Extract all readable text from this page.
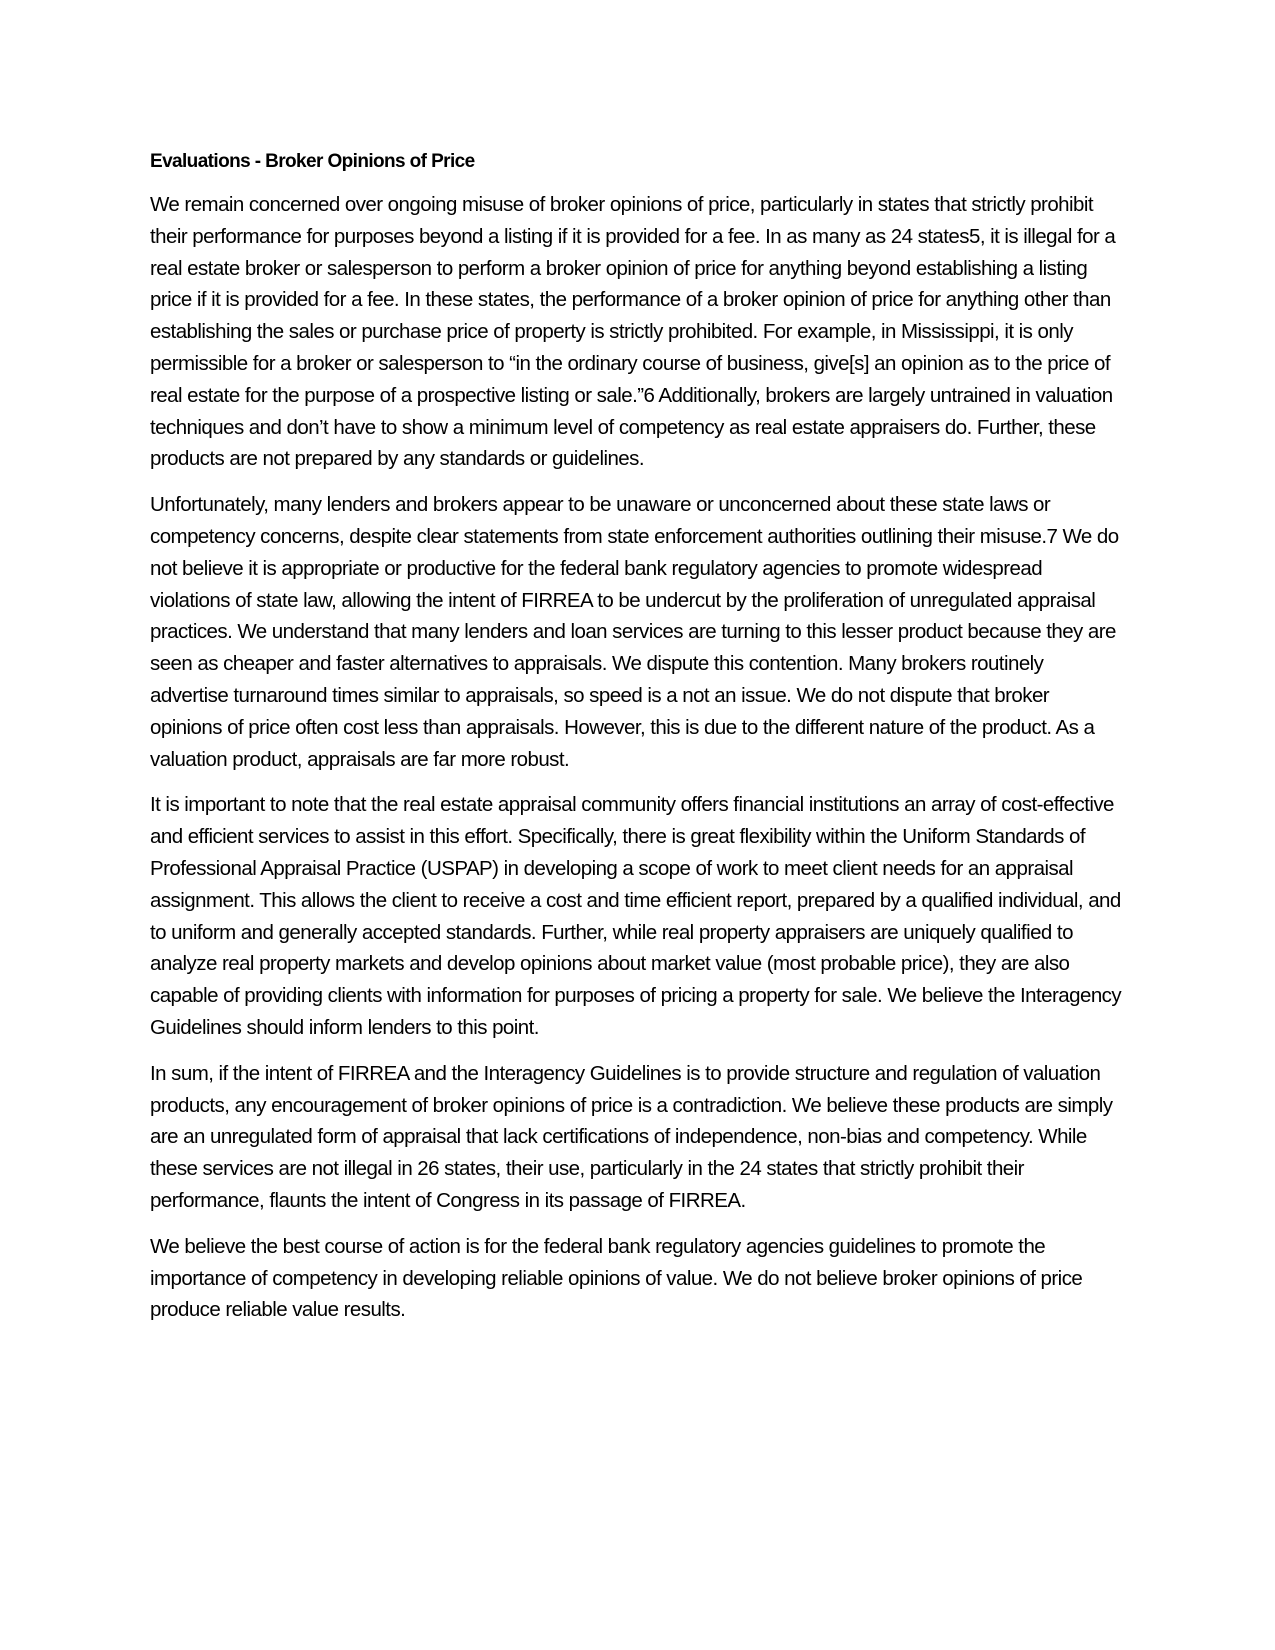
Evaluations - Broker Opinions of Price

We remain concerned over ongoing misuse of broker opinions of price, particularly in states that strictly prohibit their performance for purposes beyond a listing if it is provided for a fee. In as many as 24 states5, it is illegal for a real estate broker or salesperson to perform a broker opinion of price for anything beyond establishing a listing price if it is provided for a fee. In these states, the performance of a broker opinion of price for anything other than establishing the sales or purchase price of property is strictly prohibited. For example, in Mississippi, it is only permissible for a broker or salesperson to “in the ordinary course of business, give[s] an opinion as to the price of real estate for the purpose of a prospective listing or sale.”6 Additionally, brokers are largely untrained in valuation techniques and don’t have to show a minimum level of competency as real estate appraisers do. Further, these products are not prepared by any standards or guidelines.

Unfortunately, many lenders and brokers appear to be unaware or unconcerned about these state laws or competency concerns, despite clear statements from state enforcement authorities outlining their misuse.7 We do not believe it is appropriate or productive for the federal bank regulatory agencies to promote widespread violations of state law, allowing the intent of FIRREA to be undercut by the proliferation of unregulated appraisal practices. We understand that many lenders and loan services are turning to this lesser product because they are seen as cheaper and faster alternatives to appraisals. We dispute this contention. Many brokers routinely advertise turnaround times similar to appraisals, so speed is a not an issue. We do not dispute that broker opinions of price often cost less than appraisals. However, this is due to the different nature of the product. As a valuation product, appraisals are far more robust.

It is important to note that the real estate appraisal community offers financial institutions an array of cost-effective and efficient services to assist in this effort. Specifically, there is great flexibility within the Uniform Standards of Professional Appraisal Practice (USPAP) in developing a scope of work to meet client needs for an appraisal assignment. This allows the client to receive a cost and time efficient report, prepared by a qualified individual, and to uniform and generally accepted standards. Further, while real property appraisers are uniquely qualified to analyze real property markets and develop opinions about market value (most probable price), they are also capable of providing clients with information for purposes of pricing a property for sale. We believe the Interagency Guidelines should inform lenders to this point.

In sum, if the intent of FIRREA and the Interagency Guidelines is to provide structure and regulation of valuation products, any encouragement of broker opinions of price is a contradiction. We believe these products are simply are an unregulated form of appraisal that lack certifications of independence, non-bias and competency. While these services are not illegal in 26 states, their use, particularly in the 24 states that strictly prohibit their performance, flaunts the intent of Congress in its passage of FIRREA.

We believe the best course of action is for the federal bank regulatory agencies guidelines to promote the importance of competency in developing reliable opinions of value. We do not believe broker opinions of price produce reliable value results.
